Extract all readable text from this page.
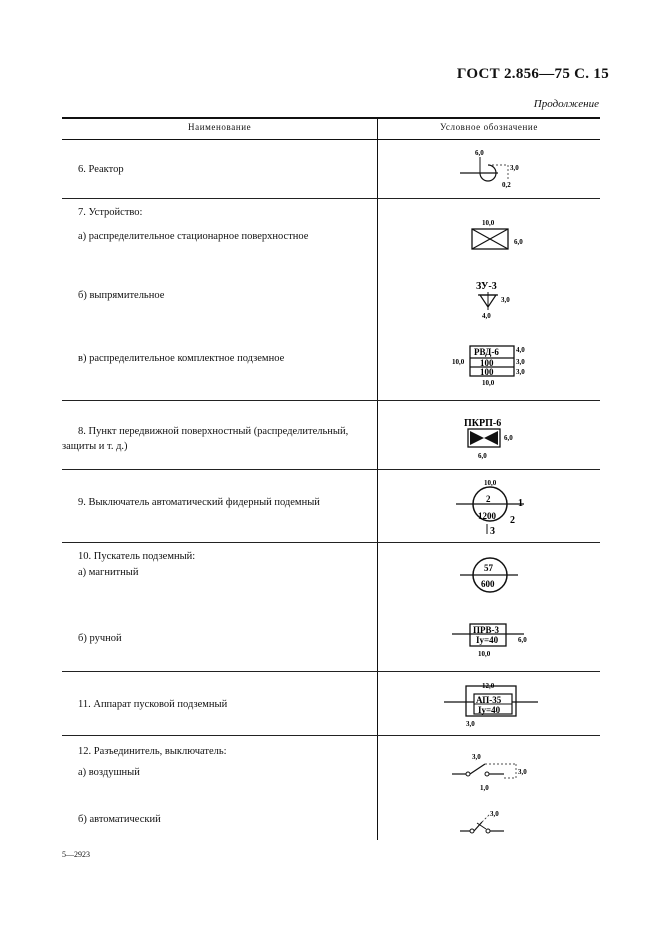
ГОСТ 2.856—75 С. 15
Продолжение
Наименование	Условное обозначение
6. Реактор
7. Устройство:
а) распределительное стационарное поверхностное
б) выпрямительное
в) распределительное комплектное подземное
8. Пункт передвижной поверхностный (распределительный, защиты и т. д.)
9. Выключатель автоматический фидерный подемный
10. Пускатель подземный:
а) магнитный
б) ручной
11. Аппарат пусковой подземный
12. Разъединитель, выключатель:
а) воздушный
б) автоматический
6,0
3,0
0,2
10,0
6,0
ЗУ-3
3,0
4,0
РВД-6
100
100
4,0
3,0
3,0
10,0
10,0
ПКРП-6
6,0
6,0
2
1200
10,0
1
2
3
57
600
ПРВ-3
Iу=40	6,0
10,0
АП-35
Iу=40
12,0
3,0
3,0
3,0
1,0
3,0
5—2923
